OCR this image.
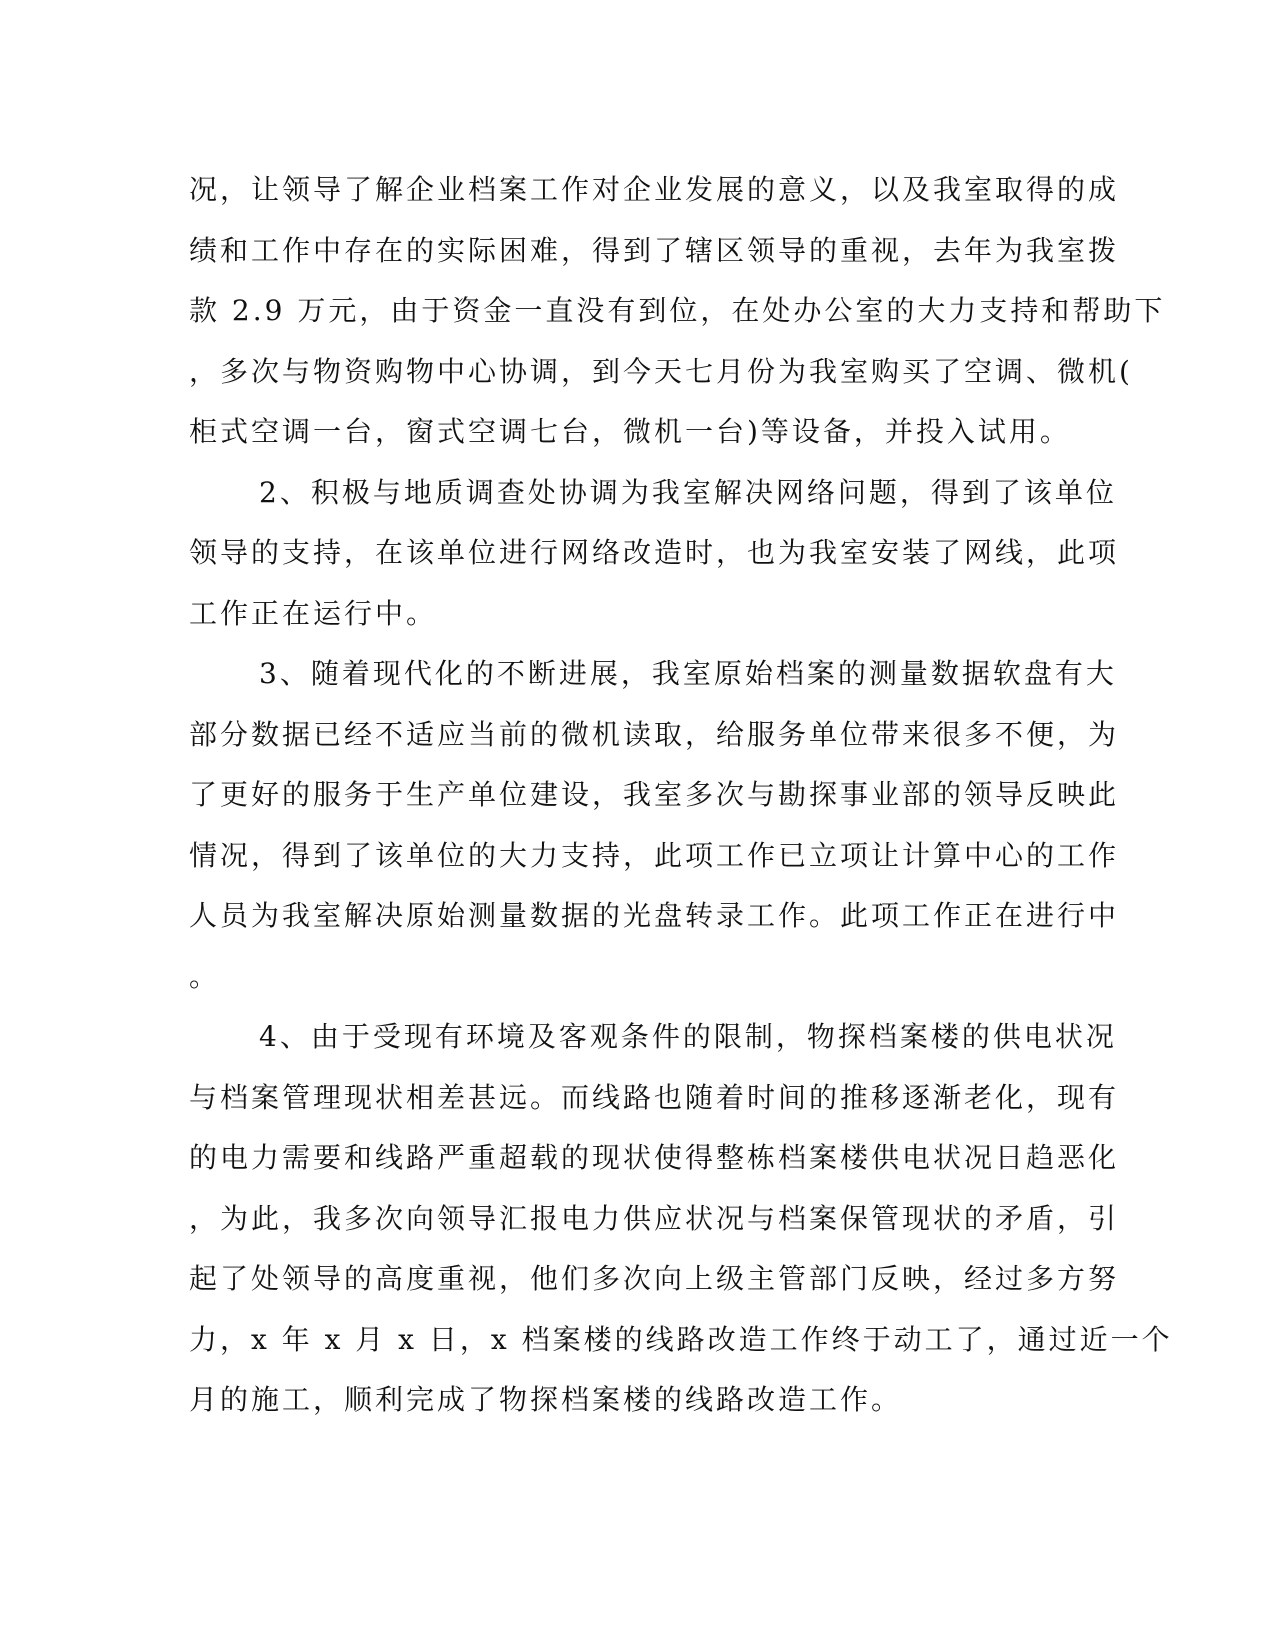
况，让领导了解企业档案工作对企业发展的意义，以及我室取得的成
绩和工作中存在的实际困难，得到了辖区领导的重视，去年为我室拨
款 2.9 万元，由于资金一直没有到位，在处办公室的大力支持和帮助下
，多次与物资购物中心协调，到今天七月份为我室购买了空调、微机(
柜式空调一台，窗式空调七台，微机一台)等设备，并投入试用。
2、积极与地质调查处协调为我室解决网络问题，得到了该单位
领导的支持，在该单位进行网络改造时，也为我室安装了网线，此项
工作正在运行中。
3、随着现代化的不断进展，我室原始档案的测量数据软盘有大
部分数据已经不适应当前的微机读取，给服务单位带来很多不便，为
了更好的服务于生产单位建设，我室多次与勘探事业部的领导反映此
情况，得到了该单位的大力支持，此项工作已立项让计算中心的工作
人员为我室解决原始测量数据的光盘转录工作。此项工作正在进行中
。
4、由于受现有环境及客观条件的限制，物探档案楼的供电状况
与档案管理现状相差甚远。而线路也随着时间的推移逐渐老化，现有
的电力需要和线路严重超载的现状使得整栋档案楼供电状况日趋恶化
，为此，我多次向领导汇报电力供应状况与档案保管现状的矛盾，引
起了处领导的高度重视，他们多次向上级主管部门反映，经过多方努
力，x 年 x 月 x 日，x 档案楼的线路改造工作终于动工了，通过近一个
月的施工，顺利完成了物探档案楼的线路改造工作。
